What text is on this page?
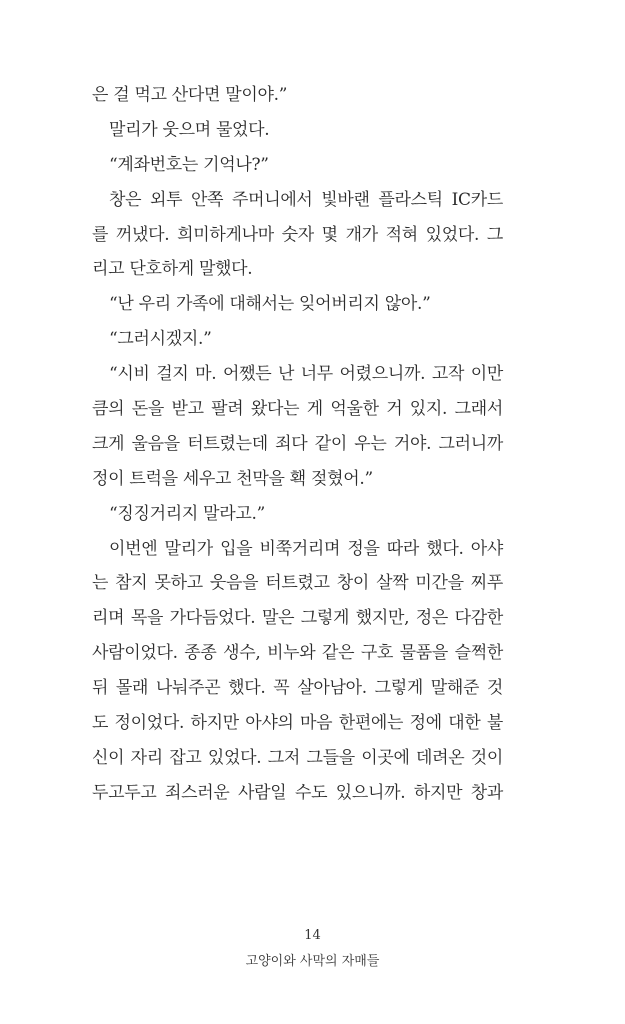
은 걸 먹고 산다면 말이야.”
말리가 웃으며 물었다.
“계좌번호는 기억나?”
창은 외투 안쪽 주머니에서 빛바랜 플라스틱 IC카드
를 꺼냈다. 희미하게나마 숫자 몇 개가 적혀 있었다. 그
리고 단호하게 말했다.
“난 우리 가족에 대해서는 잊어버리지 않아.”
“그러시겠지.”
“시비 걸지 마. 어쨌든 난 너무 어렸으니까. 고작 이만
큼의 돈을 받고 팔려 왔다는 게 억울한 거 있지. 그래서
크게 울음을 터트렸는데 죄다 같이 우는 거야. 그러니까
정이 트럭을 세우고 천막을 홱 젖혔어.”
“징징거리지 말라고.”
이번엔 말리가 입을 비쭉거리며 정을 따라 했다. 아샤
는 참지 못하고 웃음을 터트렸고 창이 살짝 미간을 찌푸
리며 목을 가다듬었다. 말은 그렇게 했지만, 정은 다감한
사람이었다. 종종 생수, 비누와 같은 구호 물품을 슬쩍한
뒤 몰래 나눠주곤 했다. 꼭 살아남아. 그렇게 말해준 것
도 정이었다. 하지만 아샤의 마음 한편에는 정에 대한 불
신이 자리 잡고 있었다. 그저 그들을 이곳에 데려온 것이
두고두고 죄스러운 사람일 수도 있으니까. 하지만 창과
14
고양이와 사막의 자매들
